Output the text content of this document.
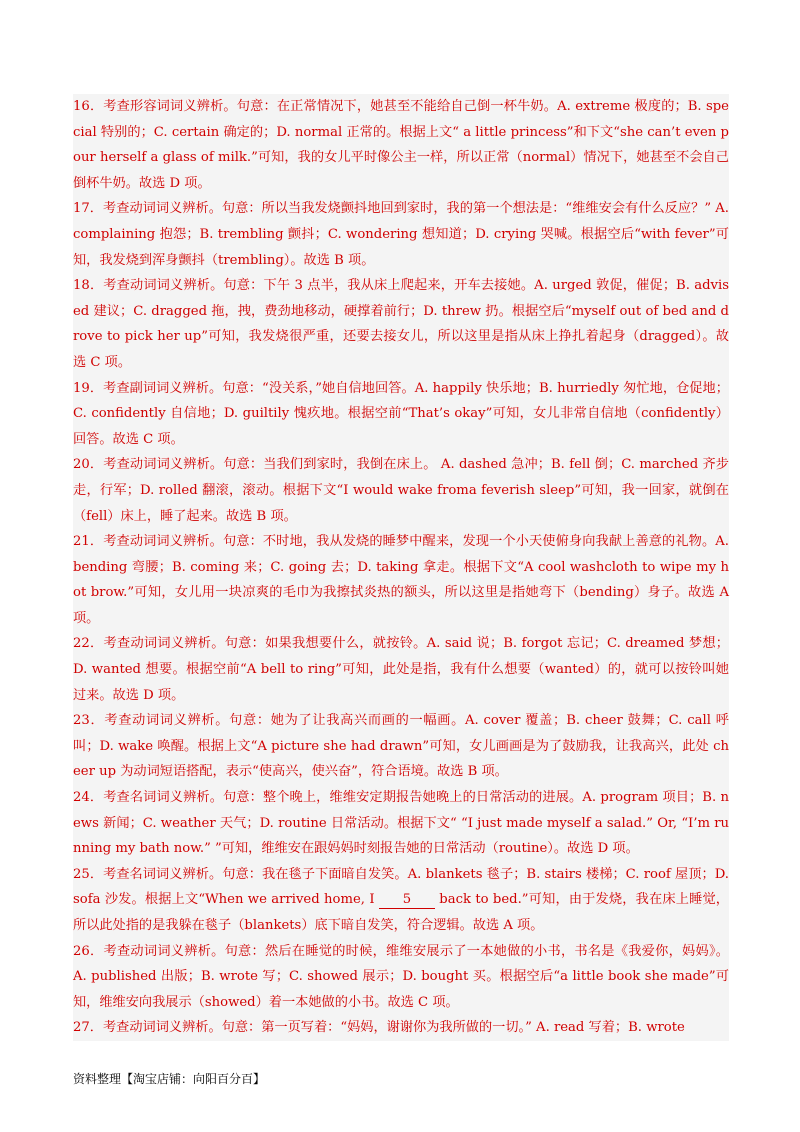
16．考查形容词词义辨析。句意：在正常情况下，她甚至不能给自己倒一杯牛奶。A. extreme 极度的；B. special 特别的；C. certain 确定的；D. normal 正常的。根据上文“ a little princess”和下文“she can’t even pour herself a glass of milk.”可知，我的女儿平时像公主一样，所以正常（normal）情况下，她甚至不会自己倒杯牛奶。故选 D 项。

17．考查动词词义辨析。句意：所以当我发烧颤抖地回到家时，我的第一个想法是：“维维安会有什么反应？” A. complaining 抱怨；B. trembling 颤抖；C. wondering 想知道；D. crying 哭喊。根据空后“with fever”可知，我发烧到浑身颤抖（trembling）。故选 B 项。

18．考查动词词义辨析。句意：下午 3 点半，我从床上爬起来，开车去接她。A. urged 敦促，催促；B. advised 建议；C. dragged 拖，拽，费劲地移动，硬撑着前行；D. threw 扔。根据空后“myself out of bed and drove to pick her up”可知，我发烧很严重，还要去接女儿，所以这里是指从床上挣扎着起身（dragged）。故选 C 项。

19．考查副词词义辨析。句意：“没关系，”她自信地回答。A. happily 快乐地；B. hurriedly 匆忙地，仓促地；C. confidently 自信地；D. guiltily 愧疚地。根据空前“That’s okay”可知，女儿非常自信地（confidently）回答。故选 C 项。

20．考查动词词义辨析。句意：当我们到家时，我倒在床上。 A. dashed 急冲；B. fell 倒；C. marched 齐步走，行军；D. rolled 翻滚，滚动。根据下文“I would wake froma feverish sleep”可知，我一回家，就倒在（fell）床上，睡了起来。故选 B 项。

21．考查动词词义辨析。句意：不时地，我从发烧的睡梦中醒来，发现一个小天使俯身向我献上善意的礼物。A. bending 弯腰；B. coming 来；C. going 去；D. taking 拿走。根据下文“A cool washcloth to wipe my hot brow.”可知，女儿用一块凉爽的毛巾为我擦拭炎热的额头，所以这里是指她弯下（bending）身子。故选 A 项。

22．考查动词词义辨析。句意：如果我想要什么，就按铃。A. said 说；B. forgot 忘记；C. dreamed 梦想；D. wanted 想要。根据空前“A bell to ring”可知，此处是指，我有什么想要（wanted）的，就可以按铃叫她过来。故选 D 项。

23．考查动词词义辨析。句意：她为了让我高兴而画的一幅画。A. cover 覆盖；B. cheer 鼓舞；C. call 呼叫；D. wake 唤醒。根据上文“A picture she had drawn”可知，女儿画画是为了鼓励我，让我高兴，此处 cheer up 为动词短语搭配，表示“使高兴，使兴奋”，符合语境。故选 B 项。

24．考查名词词义辨析。句意：整个晚上，维维安定期报告她晚上的日常活动的进展。A. program 项目；B. news 新闻；C. weather 天气；D. routine 日常活动。根据下文“ “I just made myself a salad.” Or, “I’m running my bath now.” ”可知，维维安在跟妈妈时刻报告她的日常活动（routine）。故选 D 项。

25．考查名词词义辨析。句意：我在毯子下面暗自发笑。A. blankets 毯子；B. stairs 楼梯；C. roof 屋顶；D. sofa 沙发。根据上文“When we arrived home, I 5 back to bed.”可知，由于发烧，我在床上睡觉，所以此处指的是我躲在毯子（blankets）底下暗自发笑，符合逻辑。故选 A 项。

26．考查动词词义辨析。句意：然后在睡觉的时候，维维安展示了一本她做的小书，书名是《我爱你，妈妈》。A. published 出版；B. wrote 写；C. showed 展示；D. bought 买。根据空后“a little book she made”可知，维维安向我展示（showed）着一本她做的小书。故选 C 项。

27．考查动词词义辨析。句意：第一页写着：“妈妈，谢谢你为我所做的一切。” A. read 写着；B. wrote

资料整理【淘宝店铺：向阳百分百】
